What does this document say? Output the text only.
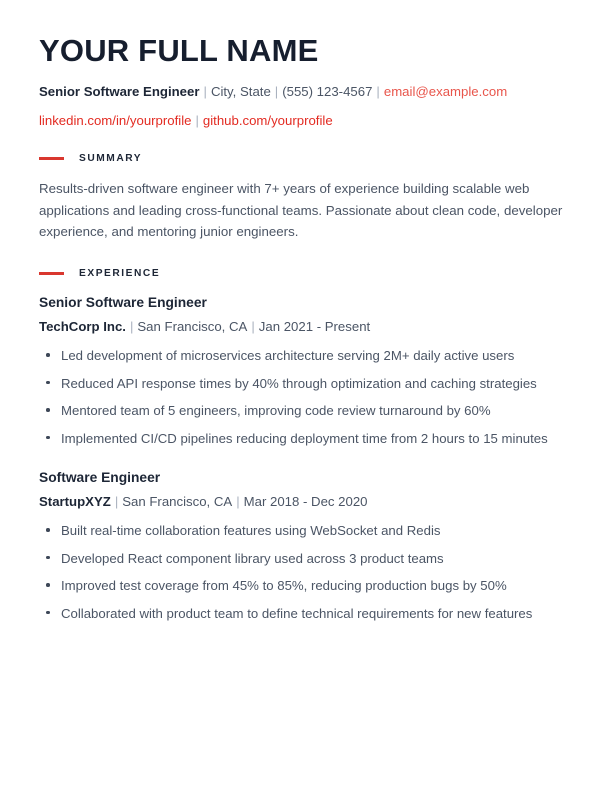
YOUR FULL NAME

Senior Software Engineer | City, State | (555) 123-4567 | email@example.com

linkedin.com/in/yourprofile | github.com/yourprofile

SUMMARY

Results-driven software engineer with 7+ years of experience building scalable web applications and leading cross-functional teams. Passionate about clean code, developer experience, and mentoring junior engineers.

EXPERIENCE
Senior Software Engineer
TechCorp Inc. | San Francisco, CA | Jan 2021 - Present
Led development of microservices architecture serving 2M+ daily active users
Reduced API response times by 40% through optimization and caching strategies
Mentored team of 5 engineers, improving code review turnaround by 60%
Implemented CI/CD pipelines reducing deployment time from 2 hours to 15 minutes
Software Engineer
StartupXYZ | San Francisco, CA | Mar 2018 - Dec 2020
Built real-time collaboration features using WebSocket and Redis
Developed React component library used across 3 product teams
Improved test coverage from 45% to 85%, reducing production bugs by 50%
Collaborated with product team to define technical requirements for new features
